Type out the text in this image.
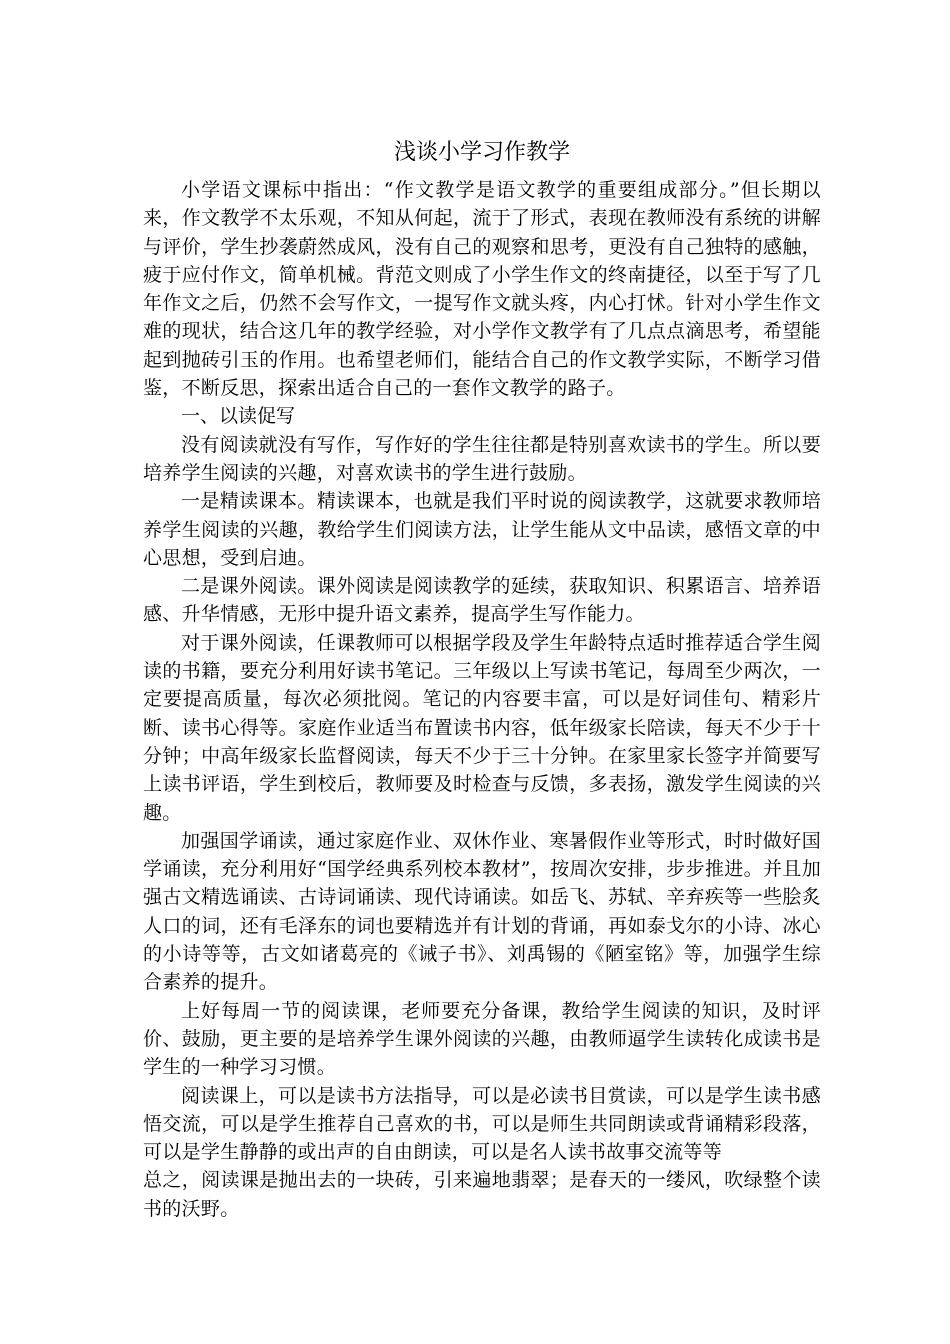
浅谈小学习作教学

小学语文课标中指出：“作文教学是语文教学的重要组成部分。”但长期以来，作文教学不太乐观，不知从何起，流于了形式，表现在教师没有系统的讲解与评价，学生抄袭蔚然成风，没有自己的观察和思考，更没有自己独特的感触，疲于应付作文，简单机械。背范文则成了小学生作文的终南捷径，以至于写了几年作文之后，仍然不会写作文，一提写作文就头疼，内心打怵。针对小学生作文难的现状，结合这几年的教学经验，对小学作文教学有了几点点滴思考，希望能起到抛砖引玉的作用。也希望老师们，能结合自己的作文教学实际，不断学习借鉴，不断反思，探索出适合自己的一套作文教学的路子。

一、以读促写

没有阅读就没有写作，写作好的学生往往都是特别喜欢读书的学生。所以要培养学生阅读的兴趣，对喜欢读书的学生进行鼓励。

一是精读课本。精读课本，也就是我们平时说的阅读教学，这就要求教师培养学生阅读的兴趣，教给学生们阅读方法，让学生能从文中品读，感悟文章的中心思想，受到启迪。

二是课外阅读。课外阅读是阅读教学的延续，获取知识、积累语言、培养语感、升华情感，无形中提升语文素养，提高学生写作能力。

对于课外阅读，任课教师可以根据学段及学生年龄特点适时推荐适合学生阅读的书籍，要充分利用好读书笔记。三年级以上写读书笔记，每周至少两次，一定要提高质量，每次必须批阅。笔记的内容要丰富，可以是好词佳句、精彩片断、读书心得等。家庭作业适当布置读书内容，低年级家长陪读，每天不少于十分钟；中高年级家长监督阅读，每天不少于三十分钟。在家里家长签字并简要写上读书评语，学生到校后，教师要及时检查与反馈，多表扬，激发学生阅读的兴趣。

加强国学诵读，通过家庭作业、双休作业、寒暑假作业等形式，时时做好国学诵读，充分利用好“国学经典系列校本教材”，按周次安排，步步推进。并且加强古文精选诵读、古诗词诵读、现代诗诵读。如岳飞、苏轼、辛弃疾等一些脍炙人口的词，还有毛泽东的词也要精选并有计划的背诵，再如泰戈尔的小诗、冰心的小诗等等，古文如诸葛亮的《诫子书》、刘禹锡的《陋室铭》等，加强学生综合素养的提升。

上好每周一节的阅读课，老师要充分备课，教给学生阅读的知识，及时评价、鼓励，更主要的是培养学生课外阅读的兴趣，由教师逼学生读转化成读书是学生的一种学习习惯。

阅读课上，可以是读书方法指导，可以是必读书目赏读，可以是学生读书感悟交流，可以是学生推荐自己喜欢的书，可以是师生共同朗读或背诵精彩段落，可以是学生静静的或出声的自由朗读，可以是名人读书故事交流等等

总之，阅读课是抛出去的一块砖，引来遍地翡翠；是春天的一缕风，吹绿整个读书的沃野。
